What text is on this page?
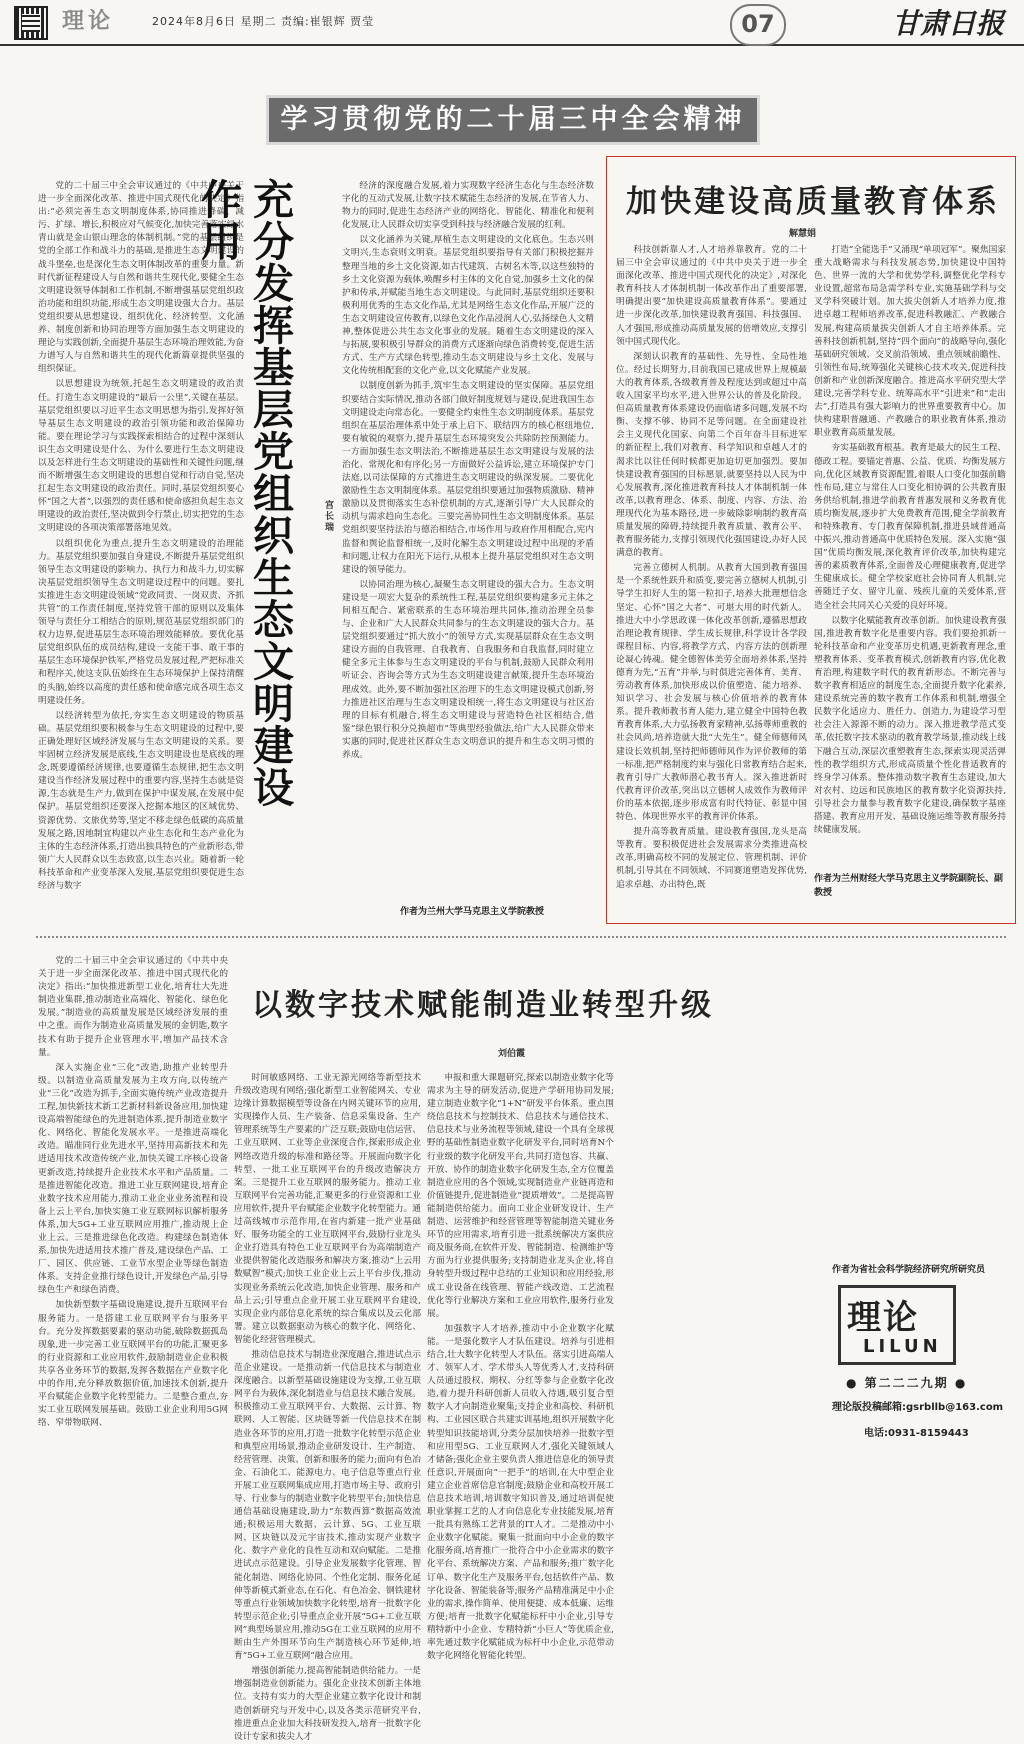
理论	2024年8月6日 星期二 责编:崔银辉 贾莹	07	甘肃日报
学习贯彻党的二十届三中全会精神

党的二十届三中全会审议通过的《中共中央关于进一步全面深化改革、推进中国式现代化的决定》指出:“必须完善生态文明制度体系,协同推进降碳、减污、扩绿、增长,积极应对气候变化,加快完善落实绿水青山就是金山银山理念的体制机制。”党的基层组织是党的全部工作和战斗力的基础,是推进生态文明建设的战斗堡垒,也是深化生态文明体制改革的重要力量。新时代新征程建设人与自然和谐共生现代化,要健全生态文明建设领导体制和工作机制,不断增强基层党组织政治功能和组织功能,形成生态文明建设强大合力。基层党组织要从思想建设、组织优化、经济转型、文化涵养、制度创新和协同治理等方面加强生态文明建设的理论与实践创新,全面提升基层生态环境治理效能,为奋力谱写人与自然和谐共生的现代化新篇章提供坚强的组织保证。

以思想建设为统领,托起生态文明建设的政治责任。打造生态文明建设的“最后一公里”,关键在基层。基层党组织要以习近平生态文明思想为指引,发挥好领导基层生态文明建设的政治引领功能和政治保障功能。要在理论学习与实践探索相结合的过程中深刻认识生态文明建设是什么、为什么要进行生态文明建设以及怎样进行生态文明建设的基础性和关键性问题,继而不断增强生态文明建设的思想自觉和行动自觉,坚决扛起生态文明建设的政治责任。同时,基层党组织要心怀“国之大者”,以强烈的责任感和使命感担负起生态文明建设的政治责任,坚决做到令行禁止,切实把党的生态文明建设的各项决策部署落地见效。

以组织优化为重点,提升生态文明建设的治理能力。基层党组织要加强自身建设,不断提升基层党组织领导生态文明建设的影响力、执行力和战斗力,切实解决基层党组织领导生态文明建设过程中的问题。要扎实推进生态文明建设领域“党政同责、一岗双责、齐抓共管”的工作责任制度,坚持党管干部的原则以及集体领导与责任分工相结合的原则,规范基层党组织部门的权力边界,促进基层生态环境治理效能释放。要优化基层党组织队伍的成员结构,建设一支能干事、敢干事的基层生态环境保护铁军,严格党员发展过程,严把标准关和程序关,使这支队伍始终在生态环境保护上保持清醒的头脑,始终以高度的责任感和使命感完成各项生态文明建设任务。

以经济转型为依托,夯实生态文明建设的物质基础。基层党组织要积极参与生态文明建设的过程中,要正确处理好区域经济发展与生态文明建设的关系。要牢固树立经济发展是底线,生态文明建设也是底线的理念,既要遵循经济规律,也要遵循生态规律,把生态文明建设当作经济发展过程中的重要内容,坚持生态就是资源,生态就是生产力,做到在保护中谋发展,在发展中促保护。基层党组织还要深入挖掘本地区的区域优势、资源优势、文旅优势等,坚定不移走绿色低碳的高质量发展之路,因地制宜构建以产业生态化和生态产业化为主体的生态经济体系,打造出独具特色的产业新形态,带领广大人民群众以生态致富,以生态兴业。随着新一轮科技革命和产业变革深入发展,基层党组织要促进生态经济与数字

充分发挥基层党组织生态文明建设作用
宫长瑞

经济的深度融合发展,着力实现数字经济生态化与生态经济数字化的互动式发展,让数字技术赋能生态经济的发展,在节省人力、物力的同时,促进生态经济产业的网络化、智能化、精准化和便利化发展,让人民群众切实享受到科技与经济融合发展的红利。

以文化涵养为关键,厚植生态文明建设的文化底色。生态兴则文明兴,生态衰则文明衰。基层党组织要指导有关部门积极挖掘并整理当地的乡土文化资源,如古代建筑、古树名木等,以这些独特的乡土文化资源为载体,唤醒乡村主体的文化自觉,加强乡土文化的保护和传承,并赋能当地生态文明建设。与此同时,基层党组织还要积极利用优秀的生态文化作品,尤其是网络生态文化作品,开展广泛的生态文明建设宣传教育,以绿色文化作品浸润人心,弘扬绿色人文精神,整体促进公共生态文化事业的发展。随着生态文明建设的深入与拓展,要积极引导群众的消费方式逐渐向绿色消费转变,促进生活方式、生产方式绿色转型,推动生态文明建设与乡土文化、发展与文化传统相配套的文化产业,以文化赋能产业发展。

以制度创新为抓手,筑牢生态文明建设的坚实保障。基层党组织要结合实际情况,推动各部门做好制度规划与建设,促进我国生态文明建设走向常态化。一要健全约束性生态文明制度体系。基层党组织在基层治理体系中处于承上启下、联结四方的核心枢纽地位,要有敏锐的观察力,提升基层生态环境突发公共除防控预测能力。一方面加强生态文明法治,不断推进基层生态文明建设与发展的法治化、常规化和有序化;另一方面做好公益诉讼,建立环境保护专门法庭,以司法保障的方式推进生态文明建设的纵深发展。二要优化激励性生态文明制度体系。基层党组织要通过加强物质激励、精神激励以及贯彻落实生态补偿机制的方式,逐渐引导广大人民群众的动机与需求趋向生态化。三要完善协同性生态文明制度体系。基层党组织要坚持法治与德治相结合,市场作用与政府作用相配合,宪内监督和舆论监督相统一,及时化解生态文明建设过程中出现的矛盾和问题,让权力在阳光下运行,从根本上提升基层党组织对生态文明建设的领导能力。

以协同治理为核心,凝聚生态文明建设的强大合力。生态文明建设是一项宏大复杂的系统性工程,基层党组织要构建多元主体之间相互配合、紧密联系的生态环境治理共同体,推动治理全员参与、企业和广大人民群众共同参与的生态文明建设的强大合力。基层党组织要通过“抓大放小”的领导方式,实现基层群众在生态文明建设方面的自我管理、自我教育、自我服务和自我监督,同时建立健全多元主体参与生态文明建设的平台与机制,鼓励人民群众利用听证会、咨询会等方式为生态文明建设建言献策,提升生态环境治理成效。此外,要不断加强社区治理下的生态文明建设模式创新,努力推进社区治理与生态文明建设相统一,将生态文明建设与社区治理的目标有机融合,将生态文明建设与营造特色社区相结合,借鉴“绿色银行积分兑换超市”等典型经验做法,给广大人民群众带来实惠的同时,促进社区群众生态文明意识的提升和生态文明习惯的养成。

作者为兰州大学马克思主义学院教授
加快建设高质量教育体系
解慧娟

科技创新靠人才,人才培养靠教育。党的二十届三中全会审议通过的《中共中央关于进一步全面深化改革、推进中国式现代化的决定》,对深化教育科技人才体制机制一体改革作出了重要部署,明确提出要“加快建设高质量教育体系”。要通过进一步深化改革,加快建设教育强国、科技强国、人才强国,形成推动高质量发展的倍增效应,支撑引领中国式现代化。

深刻认识教育的基础性、先导性、全局性地位。经过长期努力,目前我国已建成世界上规模最大的教育体系,各级教育普及程度达到或超过中高收入国家平均水平,进入世界公认的普及化阶段。但高质量教育体系建设仍面临诸多问题,发展不均衡、支撑不够、协同不足等问题。在全面建设社会主义现代化国家、向第二个百年奋斗目标进军的新征程上,我们对教育、科学知识和卓越人才的渴求比以往任何时候都更加迫切更加强烈。要加快建设教育强国的目标愿景,就要坚持以人民为中心发展教育,深化推进教育科技人才体制机制一体改革,以教育理念、体系、制度、内容、方法、治理现代化为基本路径,进一步破除影响制约教育高质量发展的障碍,持续提升教育质量、教育公平、教育服务能力,支撑引领现代化强国建设,办好人民满意的教育。

完善立德树人机制。从教育大国到教育强国是一个系统性跃升和质变,要完善立德树人机制,引导学生扣好人生的第一粒扣子,培养大批理想信念坚定、心怀“国之大者”、可堪大用的时代新人。推进大中小学思政课一体化改革创新,遵循思想政治理论教育规律、学生成长规律,科学设计各学段课程目标、内容,将教学方式、内容方法的创新理论凝心铸魂。健全德智体美劳全面培养体系,坚持德育为先,“五育”并举,与时俱进完善体育、美育、劳动教育体系,加快形成以价值塑造、能力培养、知识学习、社会发展与核心价值培养的教育体系。提升教师教书育人能力,建立健全中国特色教育教育体系,大力弘扬教育家精神,弘扬尊师重教的社会风尚,培养造就大批“大先生”。健全师德师风建设长效机制,坚持把师德师风作为评价教师的第一标准,把严格制度约束与强化日常教育结合起来,教育引导广大教师潜心教书育人。深入推进新时代教育评价改革,突出以立德树人成效作为教师评价的基本依据,逐步形成富有时代特征、彰显中国特色、体现世界水平的教育评价体系。

提升高等教育质量。建设教育强国,龙头是高等教育。要积极促进社会发展需求分类推进高校改革,明确高校不同的发展定位、管理机制、评价机制,引导其在不同领域、不同赛道塑造发挥优势,追求卓越、办出特色,既

打造“全能选手”又涌现“单项冠军”。聚焦国家重大战略需求与科技发展态势,加快建设中国特色、世界一流的大学和优势学科,调整优化学科专业设置,超常布局急需学科专业,实施基础学科与交叉学科突破计划。加大拔尖创新人才培养力度,推进卓越工程师培养改革,促进科教融汇、产教融合发展,构建高质量拔尖创新人才自主培养体系。完善科技创新机制,坚持“四个面向”的战略导向,强化基础研究领域、交叉前沿领域、重点领域前瞻性、引领性布局,统筹强化关键核心技术攻关,促进科技创新和产业创新深度融合。推进高水平研究型大学建设,完善学科专业、统筹高水平“引进来”和“走出去”,打造具有强大影响力的世界重要教育中心。加快构建职普融通、产教融合的职业教育体系,推动职业教育高质量发展。

夯实基础教育根基。教育是最大的民生工程、德政工程。要锚定普惠、公益、优质、均衡发展方向,优化区域教育资源配置,着眼人口变化加强前瞻性布局,建立与常住人口变化相协调的公共教育服务供给机制,推进学前教育普惠发展和义务教育优质均衡发展,逐步扩大免费教育范围,健全学前教育和特殊教育、专门教育保障机制,推进县域普通高中振兴,推动普通高中优质特色发展。深入实施“强国”优质均衡发展,深化教育评价改革,加快构建完善的素质教育体系,全面普及心理健康教育,促进学生健康成长。健全学校家庭社会协同育人机制,完善随迁子女、留守儿童、残疾儿童的关爱体系,营造全社会共同关心关爱的良好环境。

以数字化赋能教育改革创新。加快建设教育强国,推进教育数字化是重要内容。我们要抢抓新一轮科技革命和产业变革历史机遇,更新教育理念,重塑教育体系、变革教育模式,创新教育内容,优化教育治理,构建数字时代的教育新形态。不断完善与数字教育相适应的制度生态,全面提升数字化素养,建设系统完善的数字教育工作体系和机制,增强全民数字化适应力、胜任力、创造力,为建设学习型社会注入源源不断的动力。深入推进教学范式变革,依托数字技术驱动的教育教学场景,推动线上线下融合互动,深层次重塑教育生态,探索实现灵活弹性的教学组织方式,形成高质量个性化普适教育的终身学习体系。整体推动数字教育生态建设,加大对农村、边远和民族地区的教育数字化资源扶持,引导社会力量参与教育数字化建设,确保数字基座搭建、教育应用开发、基础设施运维等教育服务持续健康发展。

作者为兰州财经大学马克思主义学院副院长、副教授
以数字技术赋能制造业转型升级
刘伯霞

党的二十届三中全会审议通过的《中共中央关于进一步全面深化改革、推进中国式现代化的决定》指出:“加快推进新型工业化,培育壮大先进制造业集群,推动制造业高端化、智能化、绿色化发展。”制造业的高质量发展是区域经济发展的重中之重。而作为制造业高质量发展的金钥匙,数字技术有助于提升企业管理水平,增加产品技术含量。

深入实施企业“三化”改造,助推产业转型升级。以制造业高质量发展为主攻方向,以传统产业“三化”改造为抓手,全面实施传统产业改造提升工程,加快新技术新工艺新材料新设备应用,加快建设高端智能绿色的先进制造体系,提升制造业数字化、网络化、智能化发展水平。一是推进高端化改造。瞄准同行业先进水平,坚持用高新技术和先进适用技术改造传统产业,加快关键工序核心设备更新改造,持续提升企业技术水平和产品质量。二是推进智能化改造。推进工业互联网建设,培育企业数字技术应用能力,推动工业企业业务流程和设备上云上平台,加快实施工业互联网标识解析服务体系,加大5G+工业互联网应用推广,推动规上企业上云。三是推进绿色化改造。构建绿色制造体系,加快先进适用技术推广普及,建设绿色产品、工厂、园区、供应链、工业节水型企业等绿色制造体系。支持企业推行绿色设计,开发绿色产品,引导绿色生产和绿色消费。

加快新型数字基础设施建设,提升互联网平台服务能力。一是搭建工业互联网平台与服务平台。充分发挥数据要素的驱动功能,破除数据孤岛现象,进一步完善工业互联网平台的功能,汇聚更多的行业资源和工业应用软件,鼓励制造业企业积极共享各业务环节的数据,发挥各数据在产业数字化中的作用,充分释放数据价值,加速技术创新,提升平台赋能企业数字化转型能力。二是整合重点,夯实工业互联网发展基础。鼓励工业企业利用5G网络、窄带物联网、

时间敏感网络、工业无源光网络等新型技术升级改造现有网络;强化新型工业智能网关、专业边缘计算数据模型等设备在内网关键环节的应用,实现操作人员、生产装备、信息采集设备、生产管理系统等生产要素的广泛互联;鼓励电信运营、工业互联网、工业等企业深度合作,探索形成企业网络改造升级的标准和路径等。开展面向数字化转型、一批工业互联网平台的升级改造解决方案。三是提升工业互联网的服务能力。推动工业互联网平台完善功能,汇聚更多的行业资源和工业应用软件,提升平台赋能企业数字化转型能力。通过高线城市示范作用,在省内新建一批产业基础好、服务功能全的工业互联网平台,鼓励行业龙头企业打造具有特色工业互联网平台为高端制造产业提供智能化改造服务和解决方案,推动“上云用数赋智”模式;加快工业企业上云上平台步伐,推动实现业务系统云化改造,加快企业管理、服务和产品上云;引导重点企业开展工业互联网平台建设,实现企业内部信息化系统的综合集成以及云化部署。建立以数据驱动为核心的数字化、网络化、智能化经营管理模式。

推动信息技术与制造业深度融合,推进试点示范企业建设。一是推动新一代信息技术与制造业深度融合。以新型基础设施建设为支撑,工业互联网平台为载体,深化制造业与信息技术融合发展。积极推动工业互联网平台、大数据、云计算、物联网、人工智能、区块链等新一代信息技术在制造业各环节的应用,打造一批数字化转型示范企业和典型应用场景,推动企业研发设计、生产制造、经营管理、决策、创新和服务的能力;面向有色冶金、石油化工、能源电力、电子信息等重点行业开展工业互联网集成应用,打造市场主导、政府引导、行业参与的制造业数字化转型平台;加快信息通信基础设施建设,助力“东数西算”数据高效流通;积极运用大数据、云计算、5G、工业互联网、区块链以及元宇宙技术,推动实现产业数字化、数字产业化的良性互动和双向赋能。二是推进试点示范建设。引导企业发展数字化管理、智能化制造、网络化协同、个性化定制、服务化延伸等新模式新业态,在石化、有色冶金、钢铁建材等重点行业领域加快数字化转型,培育一批数字化转型示范企业;引导重点企业开展“5G+工业互联网”典型场景应用,推动5G在工业互联网的应用不断由生产外围环节向生产制造核心环节延伸,培育“5G+工业互联网”融合应用。

增强创新能力,提高智能制造供给能力。一是增强制造业创新能力。强化企业技术创新主体地位。支持有实力的大型企业建立数字化设计和制造创新研究与开发中心,以及各类示范研究平台,推进重点企业加大科技研发投入,培育一批数字化设计专家和拔尖人才

申报和重大课题研究,探索以制造业数字化等需求为主导的研发活动,促进产学研用协同发展;建立制造业数字化“1+N”研发平台体系。重点围绕信息技术与控制技术、信息技术与通信技术、信息技术与业务流程等领域,建设一个具有全球视野的基础性制造业数字化研发平台,同时培育N个行业级的数字化研发平台,共同打造包容、共赢、开放、协作的制造业数字化研发生态,全方位覆盖制造业应用的各个领域,实现制造业产业链再造和价值链提升,促进制造业“提质增效”。二是提高智能制造供给能力。面向工业企业研发设计、生产制造、运营维护和经营管理等智能制造关键业务环节的应用需求,培育引进一批系统解决方案供应商及服务商,在软件开发、智能制造、检测维护等方面为行业提供服务;支持制造业龙头企业,将自身转型升级过程中总结的工业知识和应用经验,形成工业设备在线管理、智能产线改造、工艺流程优化等行业解决方案和工业应用软件,服务行业发展。

加强数字人才培养,推动中小企业数字化赋能。一是强化数字人才队伍建设。培养与引进相结合,壮大数字化转型人才队伍。落实引进高端人才、领军人才、学术带头人等优秀人才,支持科研人员通过股权、期权、分红等参与企业数字化改造,着力提升科研创新人员收入待遇,吸引复合型数字人才向制造业聚集;支持企业和高校、科研机构、工业园区联合共建实训基地,组织开展数字化转型知识技能培训,分类分层加快培养一批数字型和应用型5G、工业互联网人才,强化关键领域人才储备;强化企业主要负责人推进信息化的领导责任意识,开展面向“一把手”的培训,在大中型企业建立企业首席信息官制度;鼓励企业和高校开展工信息技术培训,培训数字知识普及,通过培训促使职业掌握工艺的人才向信息化专业技能发展,培育一批具有熟练工艺背景的IT人才。二是推动中小企业数字化赋能。聚集一批面向中小企业的数字化服务商,培育推广一批符合中小企业需求的数字化平台、系统解决方案、产品和服务;推广数字化订单、数字化生产及服务平台,包括软件产品、数字化设备、智能装备等;服务产品精准满足中小企业的需求,操作简单、使用便捷、成本低廉、运维方便;培育一批数字化赋能标杆中小企业,引导专精特新中小企业、专精特新“小巨人”等优质企业,率先通过数字化赋能成为标杆中小企业,示范带动数字化网络化智能化转型。

作者为省社会科学院经济研究所研究员
理论
LILUN
● 第二二二九期 ●
理论版投稿邮箱:gsrbllb@163.com
电话:0931-8159443
